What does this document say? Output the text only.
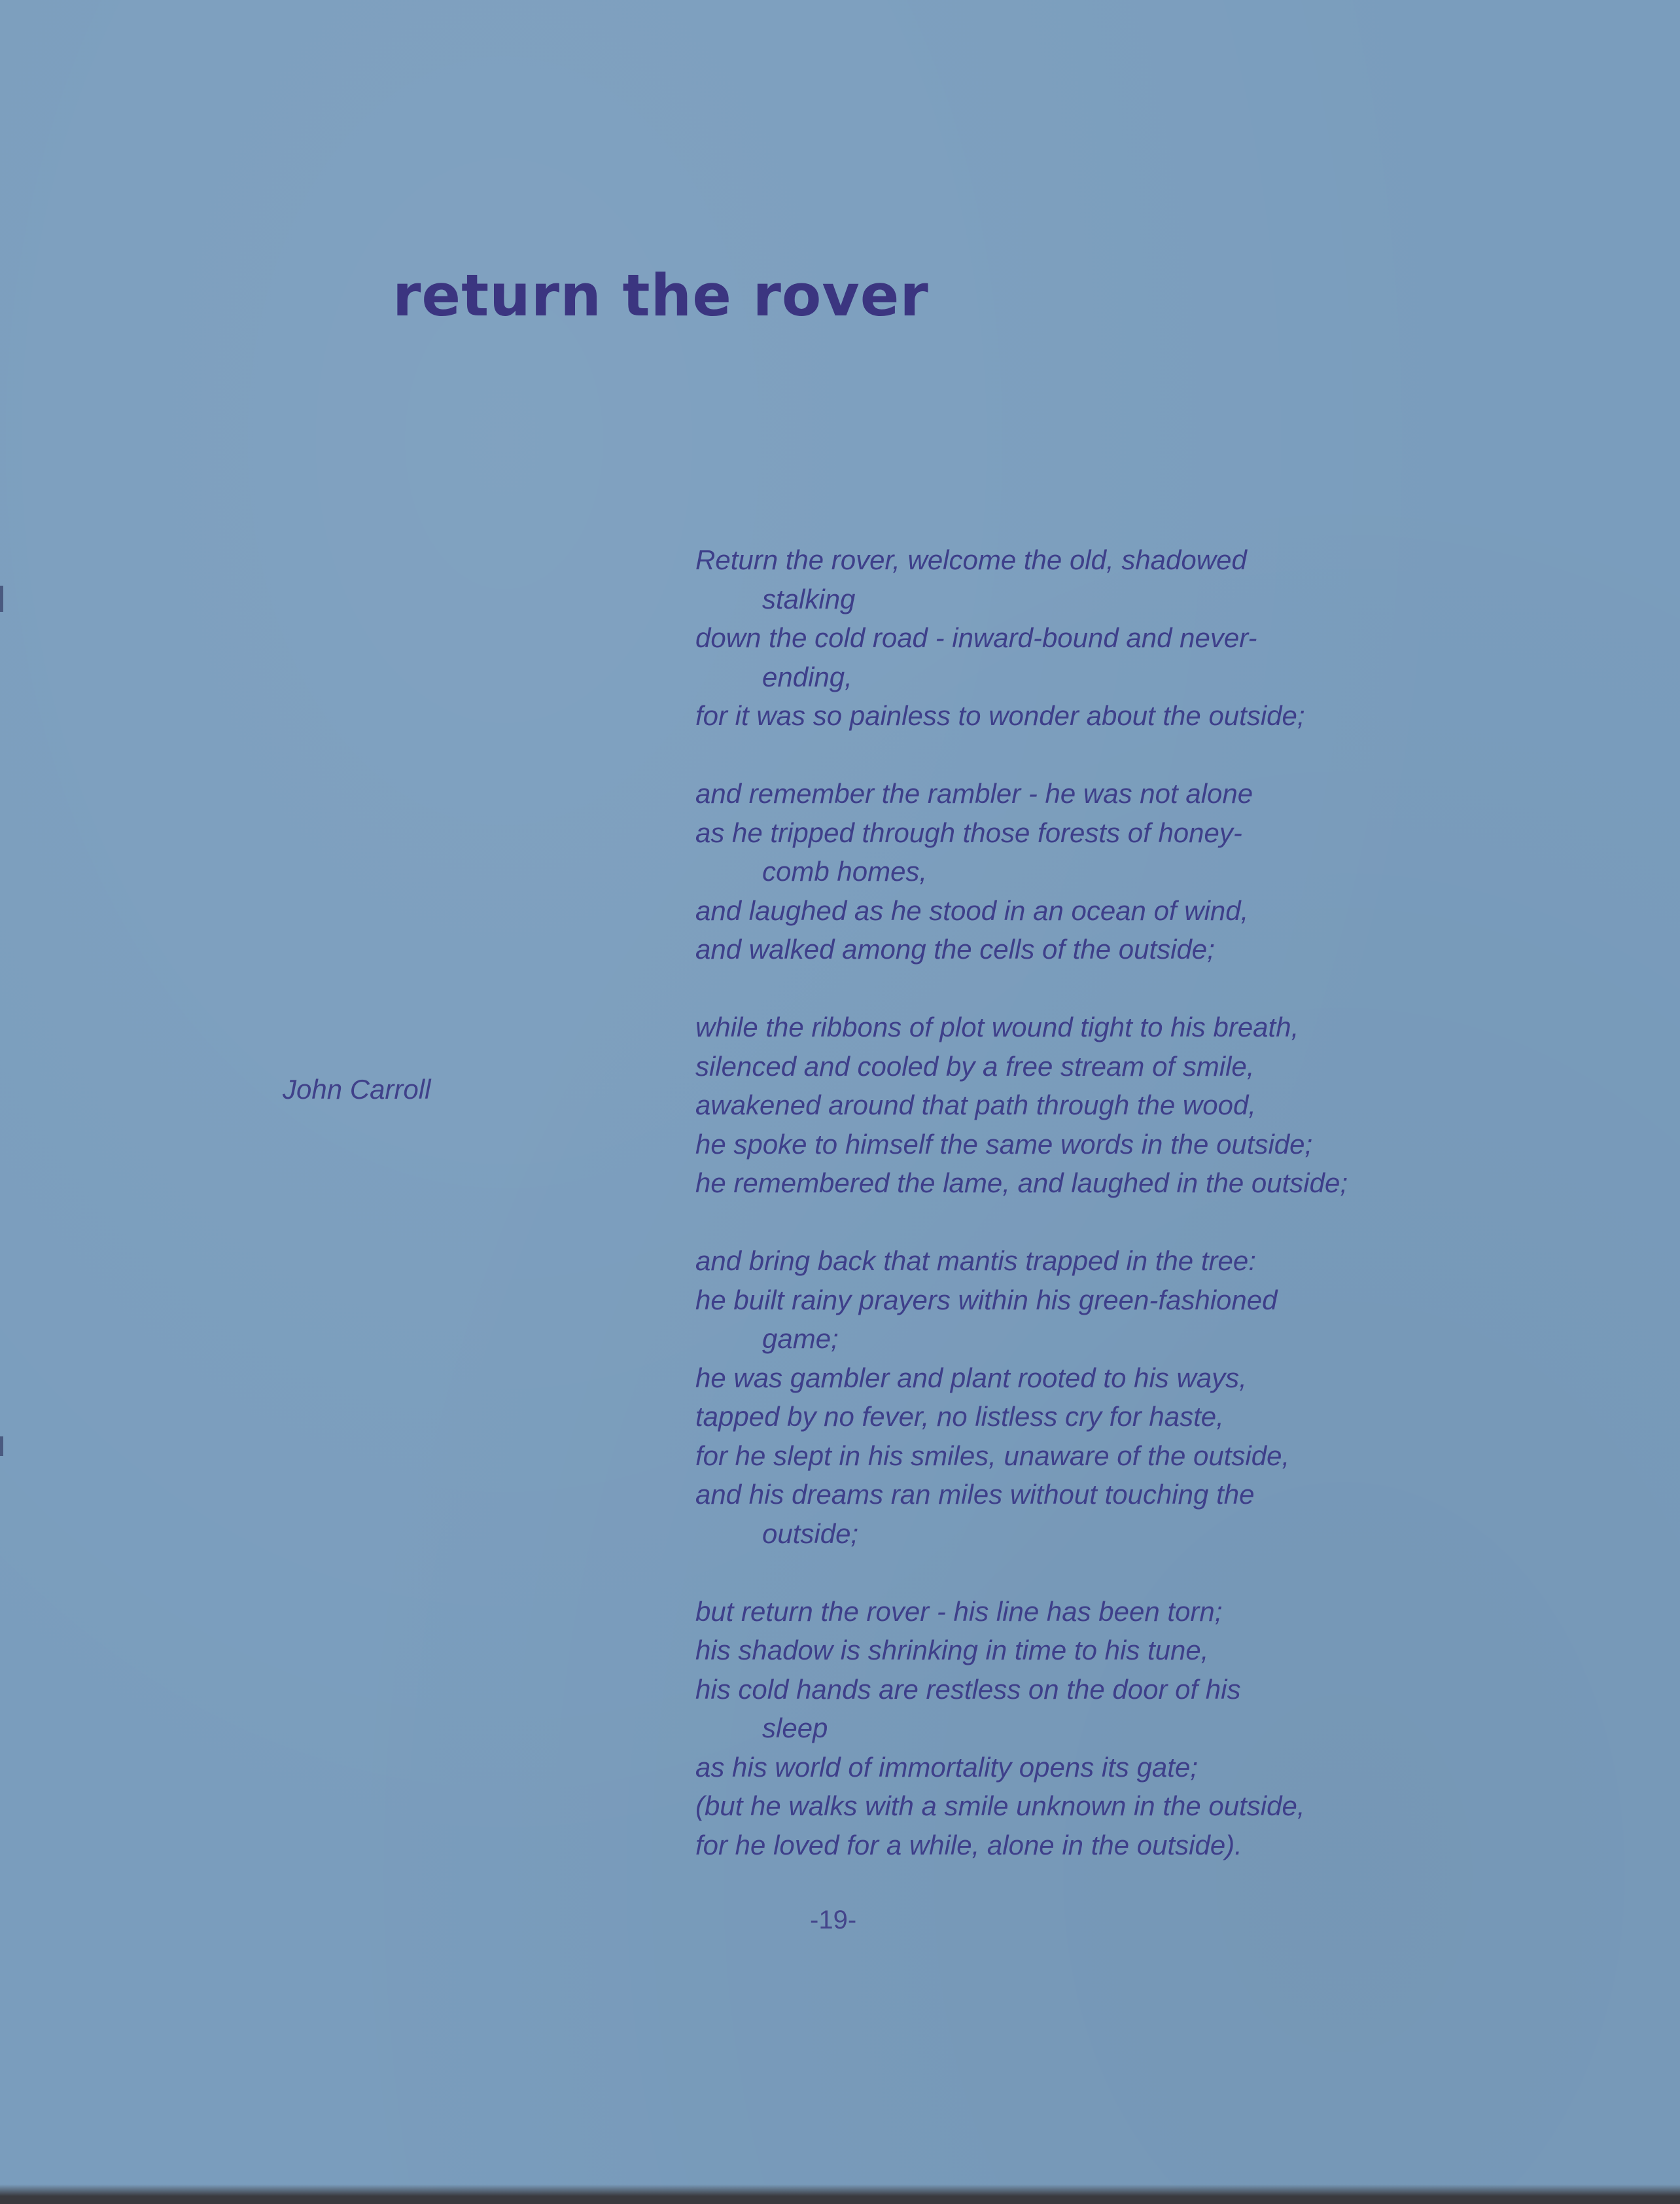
return the rover
John Carroll
Return the rover, welcome the old, shadowed
stalking
down the cold road - inward-bound and never-
ending,
for it was so painless to wonder about the outside;
and remember the rambler - he was not alone
as he tripped through those forests of honey-
comb homes,
and laughed as he stood in an ocean of wind,
and walked among the cells of the outside;
while the ribbons of plot wound tight to his breath,
silenced and cooled by a free stream of smile,
awakened around that path through the wood,
he spoke to himself the same words in the outside;
he remembered the lame, and laughed in the outside;
and bring back that mantis trapped in the tree:
he built rainy prayers within his green-fashioned
game;
he was gambler and plant rooted to his ways,
tapped by no fever, no listless cry for haste,
for he slept in his smiles, unaware of the outside,
and his dreams ran miles without touching the
outside;
but return the rover - his line has been torn;
his shadow is shrinking in time to his tune,
his cold hands are restless on the door of his
sleep
as his world of immortality opens its gate;
(but he walks with a smile unknown in the outside,
for he loved for a while, alone in the outside).
-19-
